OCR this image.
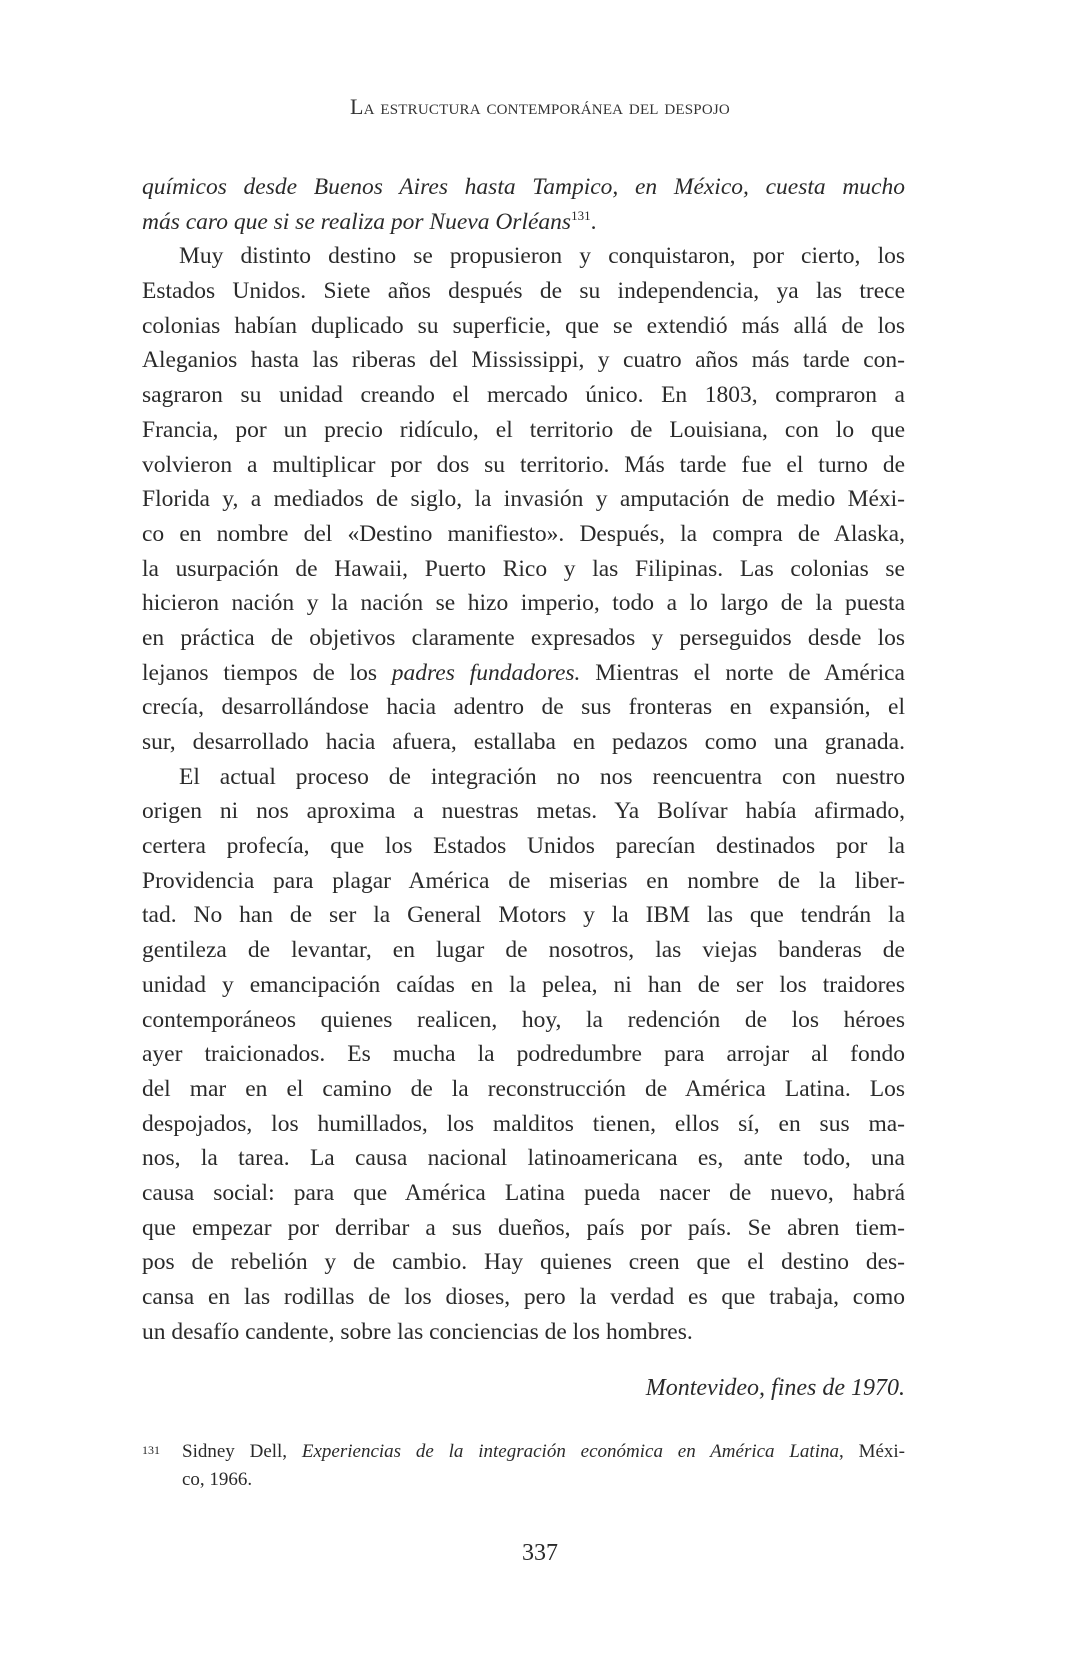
La estructura contemporánea del despojo
químicos desde Buenos Aires hasta Tampico, en México, cuesta mucho
más caro que si se realiza por Nueva Orléans$^{131}$.
Muy distinto destino se propusieron y conquistaron, por cierto, los
Estados Unidos. Siete años después de su independencia, ya las trece
colonias habían duplicado su superficie, que se extendió más allá de los
Aleganios hasta las riberas del Mississippi, y cuatro años más tarde con-
sagraron su unidad creando el mercado único. En 1803, compraron a
Francia, por un precio ridículo, el territorio de Louisiana, con lo que
volvieron a multiplicar por dos su territorio. Más tarde fue el turno de
Florida y, a mediados de siglo, la invasión y amputación de medio Méxi-
co en nombre del «Destino manifiesto». Después, la compra de Alaska,
la usurpación de Hawaii, Puerto Rico y las Filipinas. Las colonias se
hicieron nación y la nación se hizo imperio, todo a lo largo de la puesta
en práctica de objetivos claramente expresados y perseguidos desde los
lejanos tiempos de los padres fundadores. Mientras el norte de América
crecía, desarrollándose hacia adentro de sus fronteras en expansión, el
sur, desarrollado hacia afuera, estallaba en pedazos como una granada.
El actual proceso de integración no nos reencuentra con nuestro
origen ni nos aproxima a nuestras metas. Ya Bolívar había afirmado,
certera profecía, que los Estados Unidos parecían destinados por la
Providencia para plagar América de miserias en nombre de la liber-
tad. No han de ser la General Motors y la IBM las que tendrán la
gentileza de levantar, en lugar de nosotros, las viejas banderas de
unidad y emancipación caídas en la pelea, ni han de ser los traidores
contemporáneos quienes realicen, hoy, la redención de los héroes
ayer traicionados. Es mucha la podredumbre para arrojar al fondo
del mar en el camino de la reconstrucción de América Latina. Los
despojados, los humillados, los malditos tienen, ellos sí, en sus ma-
nos, la tarea. La causa nacional latinoamericana es, ante todo, una
causa social: para que América Latina pueda nacer de nuevo, habrá
que empezar por derribar a sus dueños, país por país. Se abren tiem-
pos de rebelión y de cambio. Hay quienes creen que el destino des-
cansa en las rodillas de los dioses, pero la verdad es que trabaja, como
un desafío candente, sobre las conciencias de los hombres.
Montevideo, fines de 1970.
131 Sidney Dell, Experiencias de la integración económica en América Latina, Méxi-
co, 1966.
337
